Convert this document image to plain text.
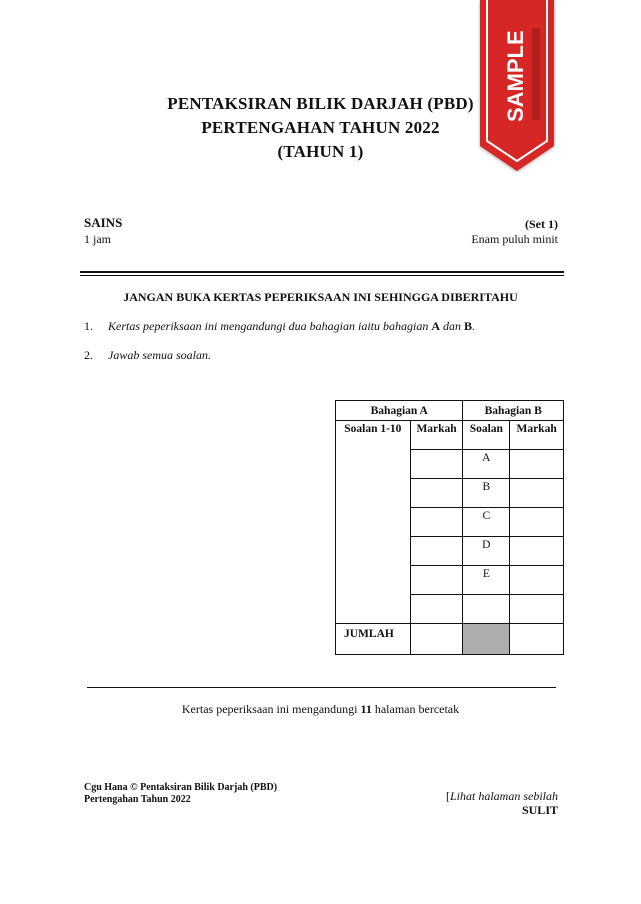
PENTAKSIRAN BILIK DARJAH (PBD)
PERTENGAHAN TAHUN 2022
(TAHUN 1)
SAINS
1 jam
(Set 1)
Enam puluh minit
JANGAN BUKA KERTAS PEPERIKSAAN INI SEHINGGA DIBERITAHU
1. Kertas peperiksaan ini mengandungi dua bahagian iaitu bahagian A dan B.
2. Jawab semua soalan.
Bahagian A		Bahagian B	
Soalan 1-10	Markah	Soalan	Markah
		A	
		B	
		C	
		D	
		E	

JUMLAH			
Kertas peperiksaan ini mengandungi 11 halaman bercetak
Cgu Hana © Pentaksiran Bilik Darjah (PBD)
Pertengahan Tahun 2022	[Lihat halaman sebilah
SULIT
SAMPLE
